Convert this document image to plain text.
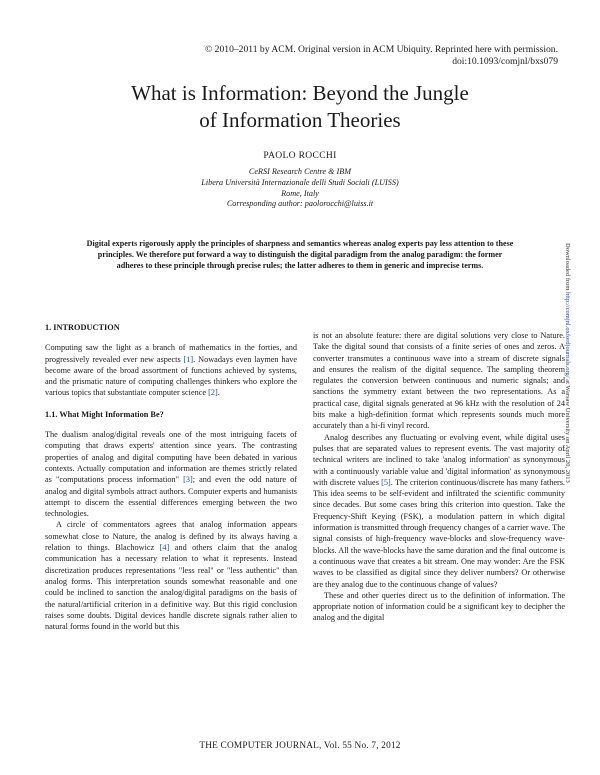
© 2010–2011 by ACM. Original version in ACM Ubiquity. Reprinted here with permission.
doi:10.1093/comjnl/bxs079
What is Information: Beyond the Jungle
of Information Theories
PAOLO ROCCHI
CeRSI Research Centre & IBM
Libera Università Internazionale delli Studi Sociali (LUISS)
Rome, Italy
Corresponding author: paolorocchi@luiss.it
Digital experts rigorously apply the principles of sharpness and semantics whereas analog experts pay less attention to these principles. We therefore put forward a way to distinguish the digital paradigm from the analog paradigm: the former adheres to these principle through precise rules; the latter adheres to them in generic and imprecise terms.	Downloaded from http://comjnl.oxfordjournals.org/ at Warsaw University on April 20, 2013
1. INTRODUCTION

Computing saw the light as a branch of mathematics in the forties, and progressively revealed ever new aspects [1]. Nowadays even laymen have become aware of the broad assortment of functions achieved by systems, and the prismatic nature of computing challenges thinkers who explore the various topics that substantiate computer science [2].

1.1. What Might Information Be?

The dualism analog/digital reveals one of the most intriguing facets of computing that draws experts' attention since years. The contrasting properties of analog and digital computing have been debated in various contexts. Actually computation and information are themes strictly related as "computations process information" [3]; and even the odd nature of analog and digital symbols attract authors. Computer experts and humanists attempt to discern the essential differences emerging between the two technologies.

A circle of commentators agrees that analog information appears somewhat close to Nature, the analog is defined by its always having a relation to things. Blachowicz [4] and others claim that the analog communication has a necessary relation to what it represents. Instead discretization produces representations "less real" or "less authentic" than analog forms. This interpretation sounds somewhat reasonable and one could be inclined to sanction the analog/digital paradigms on the basis of the natural/artificial criterion in a definitive way. But this rigid conclusion raises some doubts. Digital devices handle discrete signals rather alien to natural forms found in the world but this

is not an absolute feature: there are digital solutions very close to Nature. Take the digital sound that consists of a finite series of ones and zeros. A converter transmutes a continuous wave into a stream of discrete signals and ensures the realism of the digital sequence. The sampling theorem regulates the conversion between continuous and numeric signals; and sanctions the symmetry extant between the two representations. As a practical case, digital signals generated at 96 kHz with the resolution of 24 bits make a high-definition format which represents sounds much more accurately than a hi-fi vinyl record.

Analog describes any fluctuating or evolving event, while digital uses pulses that are separated values to represent events. The vast majority of technical writers are inclined to take 'analog information' as synonymous with a continuously variable value and 'digital information' as synonymous with discrete values [5]. The criterion continuous/discrete has many fathers. This idea seems to be self-evident and infiltrated the scientific community since decades. But some cases bring this criterion into question. Take the Frequency-Shift Keying (FSK), a modulation pattern in which digital information is transmitted through frequency changes of a carrier wave. The signal consists of high-frequency wave-blocks and slow-frequency wave-blocks. All the wave-blocks have the same duration and the final outcome is a continuous wave that creates a bit stream. One may wonder: Are the FSK waves to be classified as digital since they deliver numbers? Or otherwise are they analog due to the continuous change of values?

These and other queries direct us to the definition of information. The appropriate notion of information could be a significant key to decipher the analog and the digital

THE COMPUTER JOURNAL, Vol. 55 No. 7, 2012
